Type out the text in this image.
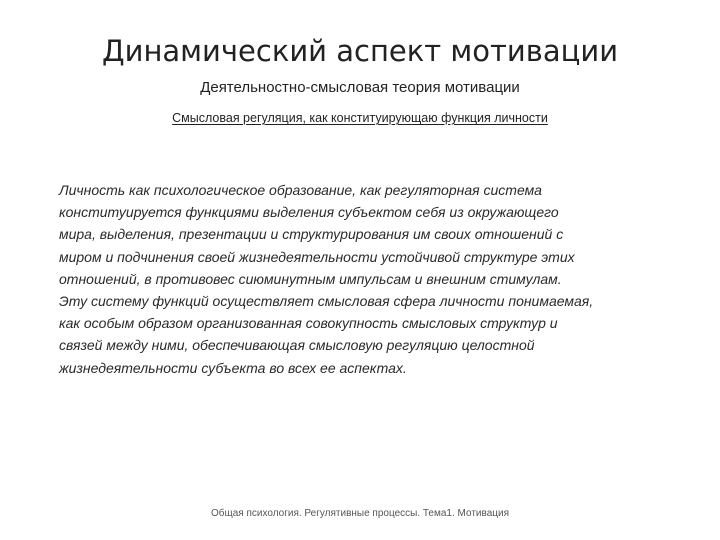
Динамический аспект мотивации
Деятельностно-смысловая теория мотивации
Смысловая регуляция, как конституирующаю функция личности
Личность как психологическое образование, как регуляторная система
конституируется функциями выделения субъектом себя из окружающего
мира, выделения, презентации и структурирования им своих отношений с
миром и подчинения своей жизнедеятельности устойчивой структуре этих
отношений, в противовес сиюминутным импульсам и внешним стимулам.
Эту систему функций осуществляет смысловая сфера личности понимаемая,
как особым образом организованная совокупность смысловых структур и
связей между ними, обеспечивающая смысловую регуляцию целостной
жизнедеятельности субъекта во всех ее аспектах.
Общая психология. Регулятивные процессы. Тема1. Мотивация
